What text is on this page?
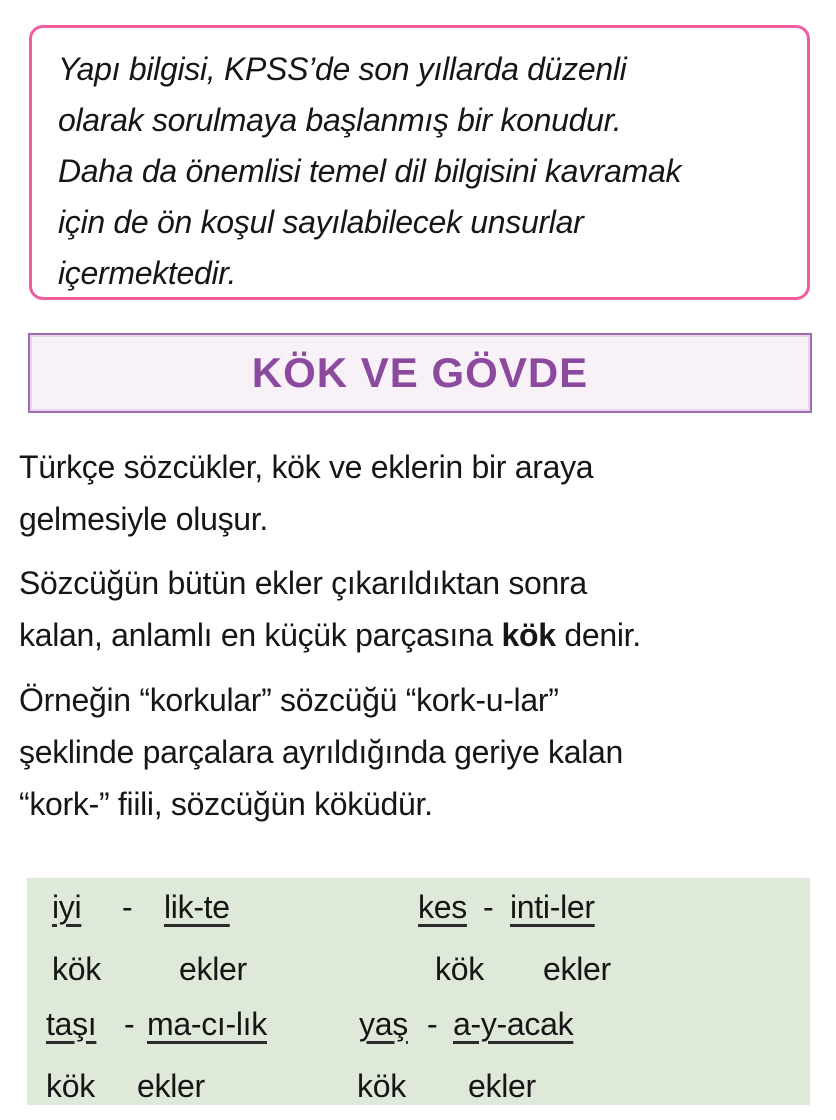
Yapı bilgisi, KPSS’de son yıllarda düzenli
olarak sorulmaya başlanmış bir konudur.
Daha da önemlisi temel dil bilgisini kavramak
için de ön koşul sayılabilecek unsurlar
içermektedir.
KÖK VE GÖVDE
Türkçe sözcükler, kök ve eklerin bir araya
gelmesiyle oluşur.
Sözcüğün bütün ekler çıkarıldıktan sonra
kalan, anlamlı en küçük parçasına kök denir.
Örneğin “korkular” sözcüğü “kork-u-lar”
şeklinde parçalara ayrıldığında geriye kalan
“kork-” fiili, sözcüğün köküdür.
iyi - lik-te	kes - inti-ler
kök ekler	kök ekler
taşı - ma-cı-lık	yaş - a-y-acak
kök ekler	kök ekler
